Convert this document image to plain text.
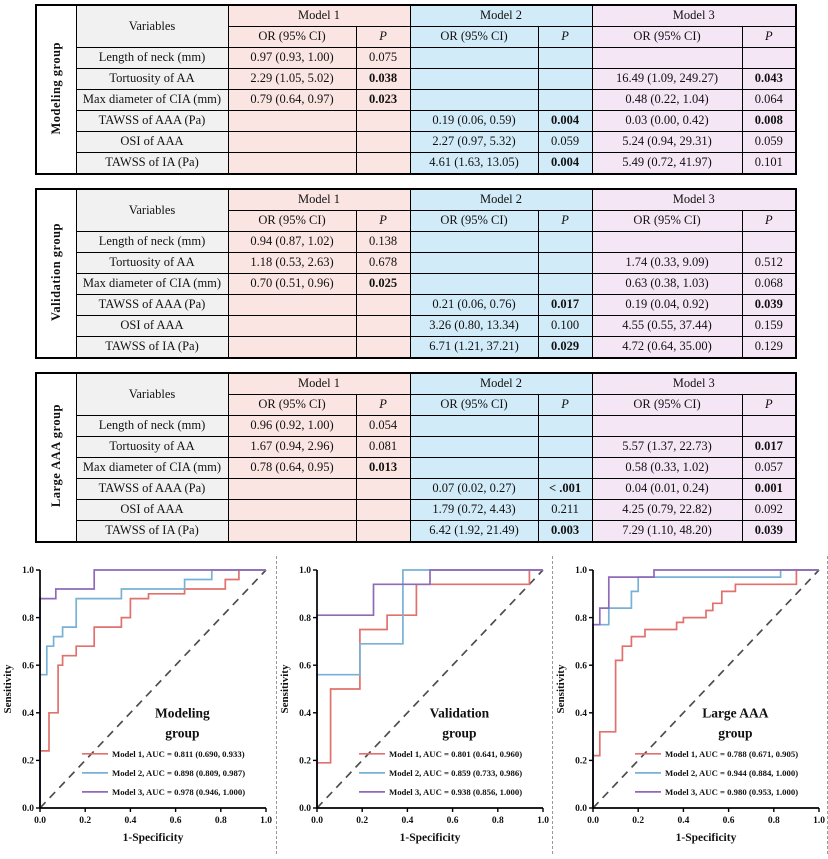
Modeling group	Variables	Model 1		Model 2		Model 3	
		OR (95% CI)	P	OR (95% CI)	P	OR (95% CI)	P
	Length of neck (mm)	0.97 (0.93, 1.00)	0.075				
	Tortuosity of AA	2.29 (1.05, 5.02)	0.038			16.49 (1.09, 249.27)	0.043
	Max diameter of CIA (mm)	0.79 (0.64, 0.97)	0.023			0.48 (0.22, 1.04)	0.064
	TAWSS of AAA (Pa)			0.19 (0.06, 0.59)	0.004	0.03 (0.00, 0.42)	0.008
	OSI of AAA			2.27 (0.97, 5.32)	0.059	5.24 (0.94, 29.31)	0.059
	TAWSS of IA (Pa)			4.61 (1.63, 13.05)	0.004	5.49 (0.72, 41.97)	0.101
Validation group	Variables	Model 1		Model 2		Model 3	
		OR (95% CI)	P	OR (95% CI)	P	OR (95% CI)	P
	Length of neck (mm)	0.94 (0.87, 1.02)	0.138				
	Tortuosity of AA	1.18 (0.53, 2.63)	0.678			1.74 (0.33, 9.09)	0.512
	Max diameter of CIA (mm)	0.70 (0.51, 0.96)	0.025			0.63 (0.38, 1.03)	0.068
	TAWSS of AAA (Pa)			0.21 (0.06, 0.76)	0.017	0.19 (0.04, 0.92)	0.039
	OSI of AAA			3.26 (0.80, 13.34)	0.100	4.55 (0.55, 37.44)	0.159
	TAWSS of IA (Pa)			6.71 (1.21, 37.21)	0.029	4.72 (0.64, 35.00)	0.129
Large AAA group	Variables	Model 1		Model 2		Model 3	
		OR (95% CI)	P	OR (95% CI)	P	OR (95% CI)	P
	Length of neck (mm)	0.96 (0.92, 1.00)	0.054				
	Tortuosity of AA	1.67 (0.94, 2.96)	0.081			5.57 (1.37, 22.73)	0.017
	Max diameter of CIA (mm)	0.78 (0.64, 0.95)	0.013			0.58 (0.33, 1.02)	0.057
	TAWSS of AAA (Pa)			0.07 (0.02, 0.27)	< .001	0.04 (0.01, 0.24)	0.001
	OSI of AAA			1.79 (0.72, 4.43)	0.211	4.25 (0.79, 22.82)	0.092
	TAWSS of IA (Pa)			6.42 (1.92, 21.49)	0.003	7.29 (1.10, 48.20)	0.039
0.0	0.2	0.4	0.6	0.8	1.0
0.0
0.2
0.4
0.6
0.8
1.0
1-Specificity
Sensitivity	Modeling
group
Model 1, AUC = 0.811 (0.690, 0.933)
Model 2, AUC = 0.898 (0.809, 0.987)
Model 3, AUC = 0.978 (0.946, 1.000)
0.0	0.2	0.4	0.6	0.8	1.0
0.0
0.2
0.4
0.6
0.8
1.0
1-Specificity
Sensitivity	Validation
group
Model 1, AUC = 0.801 (0.641, 0.960)
Model 2, AUC = 0.859 (0.733, 0.986)
Model 3, AUC = 0.938 (0.856, 1.000)
0.0	0.2	0.4	0.6	0.8	1.0
0.0
0.2
0.4
0.6
0.8
1.0
1-Specificity
Sensitivity	Large AAA
group
Model 1, AUC = 0.788 (0.671, 0.905)
Model 2, AUC = 0.944 (0.884, 1.000)
Model 3, AUC = 0.980 (0.953, 1.000)
